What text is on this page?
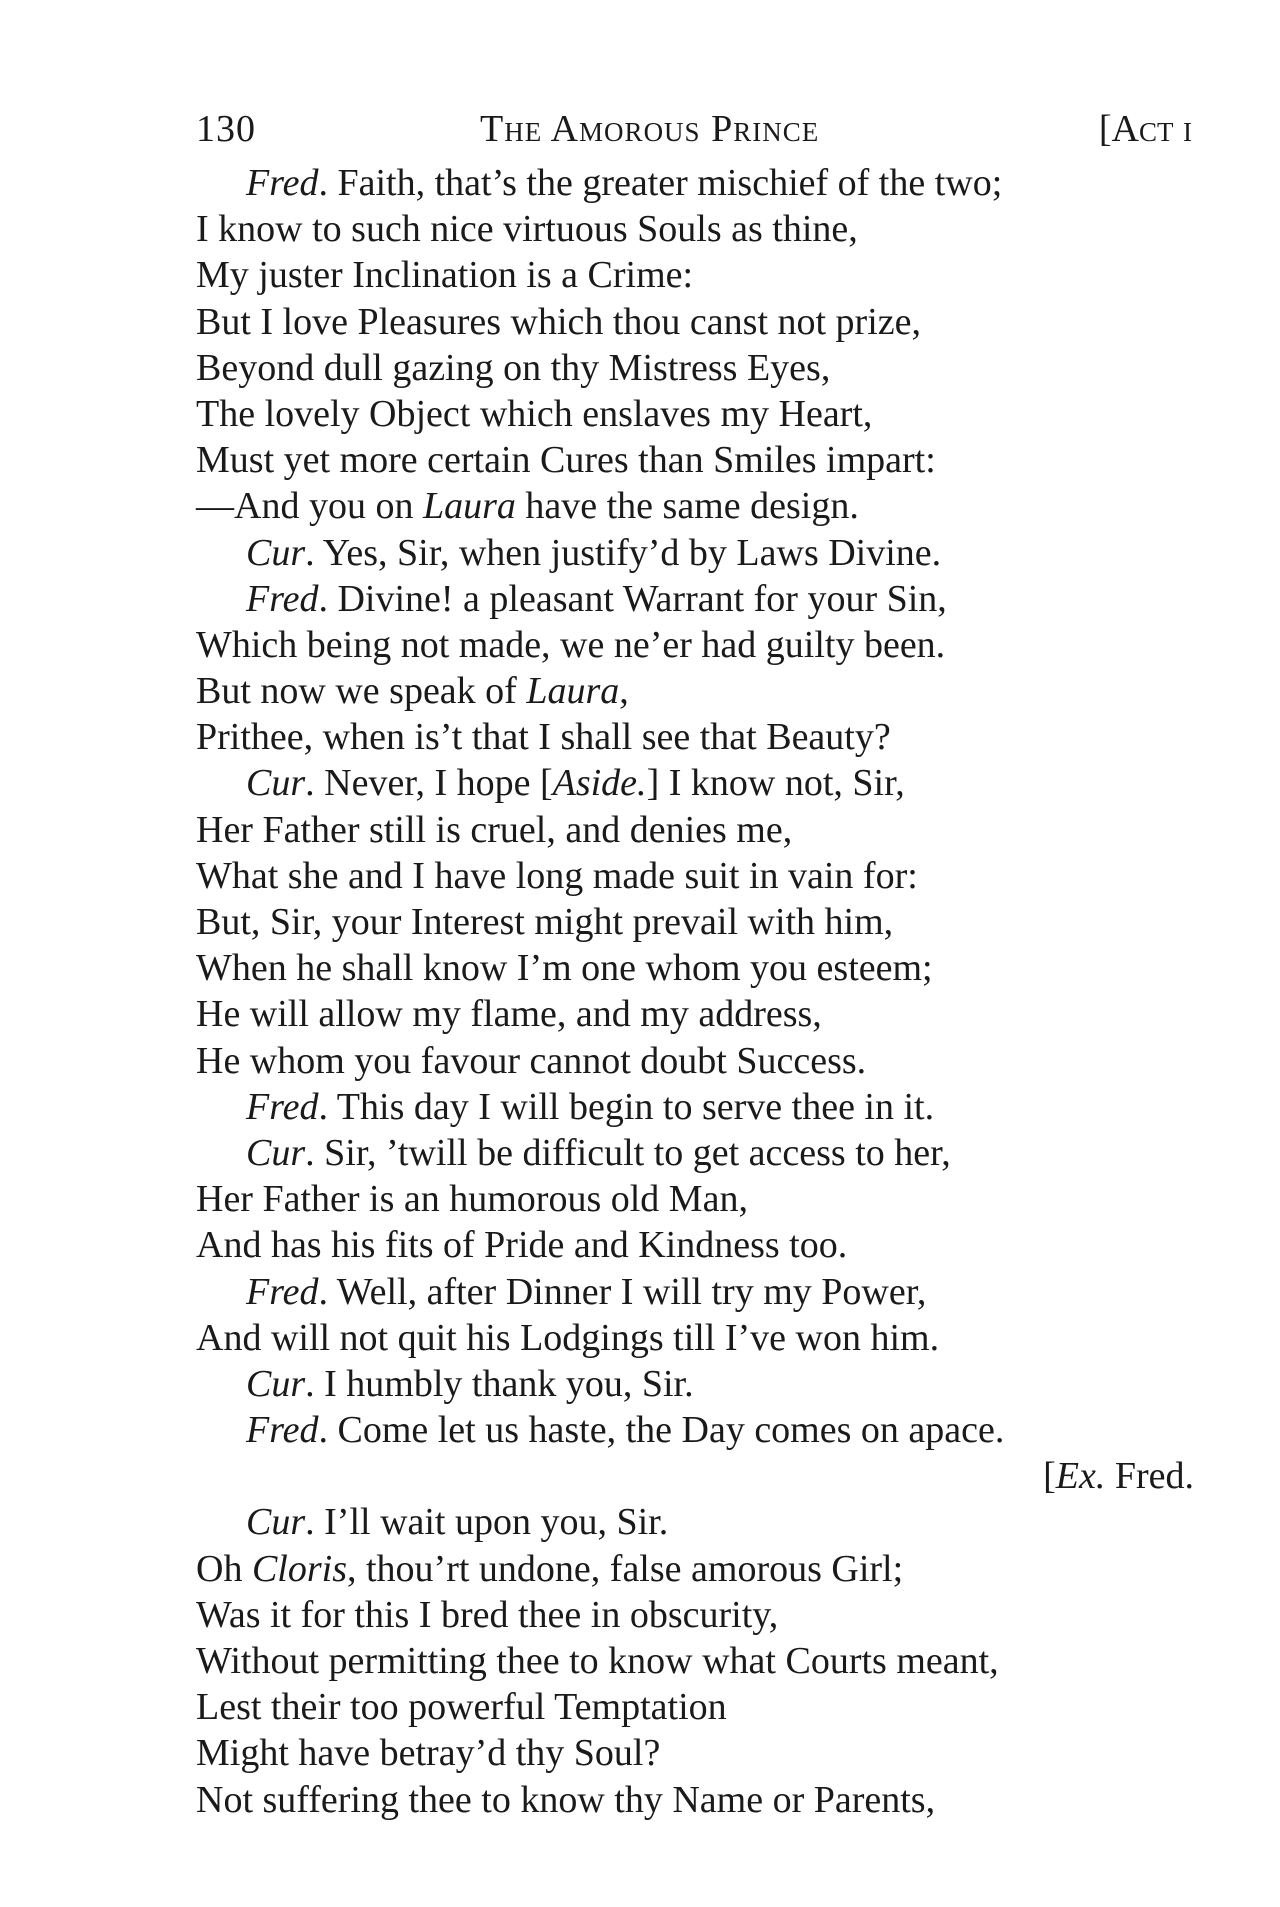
130	The Amorous Prince	[Act i
Fred . Faith, that’s the greater mischief of the two;
I know to such nice virtuous Souls as thine,
My juster Inclination is a Crime:
But I love Pleasures which thou canst not prize,
Beyond dull gazing on thy Mistress Eyes,
The lovely Object which enslaves my Heart,
Must yet more certain Cures than Smiles impart:
—And you on Laura have the same design.
Cur . Yes, Sir, when justify’d by Laws Divine.
Fred . Divine! a pleasant Warrant for your Sin,
Which being not made, we ne’er had guilty been.
But now we speak of Laura,
Prithee, when is’t that I shall see that Beauty?
Cur . Never, I hope [Aside.] I know not, Sir,
Her Father still is cruel, and denies me,
What she and I have long made suit in vain for:
But, Sir, your Interest might prevail with him,
When he shall know I’m one whom you esteem;
He will allow my flame, and my address,
He whom you favour cannot doubt Success.
Fred . This day I will begin to serve thee in it.
Cur . Sir, ’twill be difficult to get access to her,
Her Father is an humorous old Man,
And has his fits of Pride and Kindness too.
Fred . Well, after Dinner I will try my Power,
And will not quit his Lodgings till I’ve won him.
Cur . I humbly thank you, Sir.
Fred . Come let us haste, the Day comes on apace.
[Ex. Fred.
Cur . I’ll wait upon you, Sir.
Oh Cloris, thou’rt undone, false amorous Girl;
Was it for this I bred thee in obscurity,
Without permitting thee to know what Courts meant,
Lest their too powerful Temptation
Might have betray’d thy Soul?
Not suffering thee to know thy Name or Parents,
